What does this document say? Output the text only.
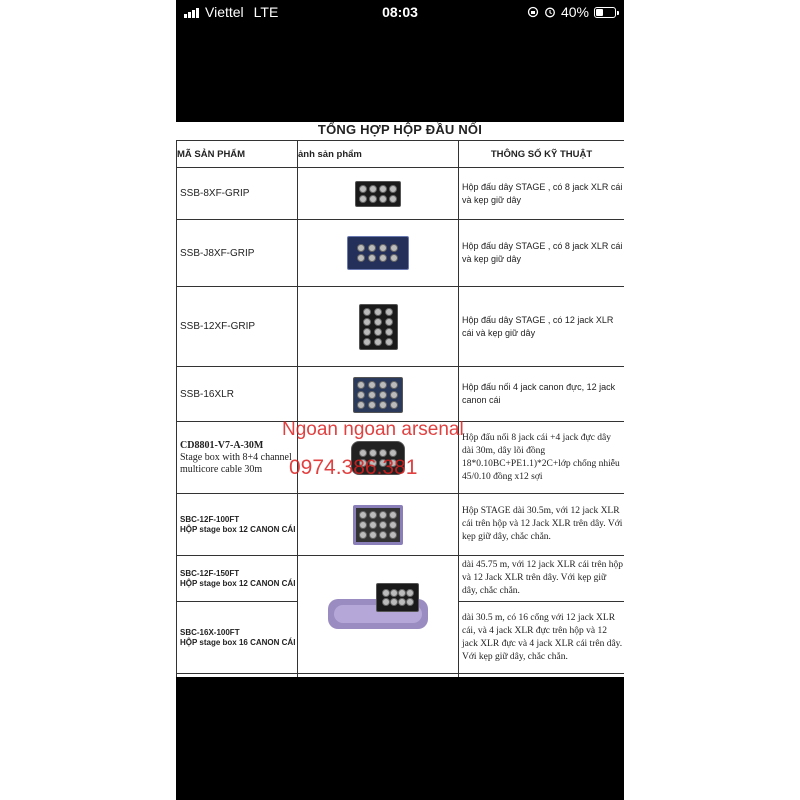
Viettel LTE	08:03	40%
TỔNG HỢP HỘP ĐẦU NỐI
MÃ SẢN PHẨM	ảnh sản phẩm	THÔNG SỐ KỸ THUẬT
SSB-8XF-GRIP		Hộp đấu dây STAGE , có 8 jack XLR cái và kẹp giữ dây
SSB-J8XF-GRIP		Hộp đấu dây STAGE , có 8 jack XLR cái và kẹp giữ dây
SSB-12XF-GRIP		Hộp đấu dây STAGE , có 12 jack XLR cái và kẹp giữ dây
SSB-16XLR		Hộp đấu nối 4 jack canon đực, 12 jack canon cái

CD8801-V7-A-30M
Stage box with 8+4 channel multicore cable 30m		Hộp đấu nối 8 jack cái +4 jack đực dây dài 30m, dây lõi đồng 18*0.10BC+PE1.1)*2C+lớp chống nhiễu 45/0.10 đồng x12 sợi

SBC-12F-100FT
HỘP stage box 12 CANON CÁI		Hộp STAGE dài 30.5m, với 12 jack XLR cái trên hộp và 12 Jack XLR trên dây. Với kẹp giữ dây, chắc chắn.

SBC-12F-150FT
HỘP stage box 12 CANON CÁI		dài 45.75 m, với 12 jack XLR cái trên hộp và 12 Jack XLR trên dây. Với kẹp giữ dây, chắc chắn.

SBC-16X-100FT
HỘP stage box 16 CANON CÁI		dài 30.5 m, có 16 cổng với 12 jack XLR cái, và 4 jack XLR đực trên hộp và 12 jack XLR đực và 4 jack XLR cái trên dây. Với kẹp giữ dây, chắc chắn.

Ngoan ngoan arsenal
0974.386.381
